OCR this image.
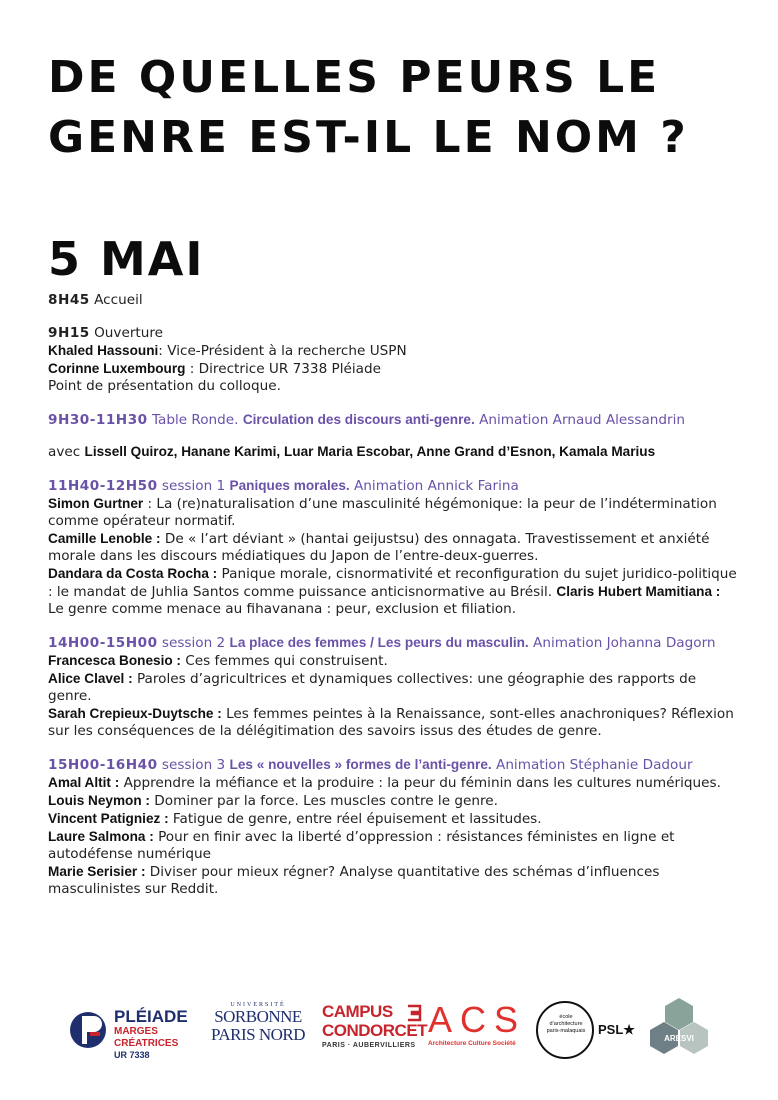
DE QUELLES PEURS LE GENRE EST-IL LE NOM ?
5 MAI
8H45 Accueil
9H15 Ouverture
Khaled Hassouni: Vice-Président à la recherche USPN
Corinne Luxembourg : Directrice UR 7338 Pléiade
Point de présentation du colloque.
9H30-11H30 Table Ronde. Circulation des discours anti-genre. Animation Arnaud Alessandrin
avec Lissell Quiroz, Hanane Karimi, Luar Maria Escobar, Anne Grand d’Esnon, Kamala Marius
11H40-12H50 session 1 Paniques morales. Animation Annick Farina
Simon Gurtner : La (re)naturalisation d’une masculinité hégémonique: la peur de l’indétermination comme opérateur normatif.
Camille Lenoble : De « l’art déviant » (hantai geijustsu) des onnagata. Travestissement et anxiété morale dans les discours médiatiques du Japon de l’entre-deux-guerres.
Dandara da Costa Rocha : Panique morale, cisnormativité et reconfiguration du sujet juridico-politique : le mandat de Juhlia Santos comme puissance anticisnormative au Brésil. Claris Hubert Mamitiana : Le genre comme menace au fihavanana : peur, exclusion et filiation.
14H00-15H00 session 2 La place des femmes / Les peurs du masculin. Animation Johanna Dagorn
Francesca Bonesio : Ces femmes qui construisent.
Alice Clavel : Paroles d’agricultrices et dynamiques collectives: une géographie des rapports de genre.
Sarah Crepieux-Duytsche : Les femmes peintes à la Renaissance, sont-elles anachroniques? Réflexion sur les conséquences de la délégitimation des savoirs issus des études de genre.
15H00-16H40 session 3 Les « nouvelles » formes de l’anti-genre. Animation Stéphanie Dadour
Amal Altit : Apprendre la méfiance et la produire : la peur du féminin dans les cultures numériques.
Louis Neymon : Dominer par la force. Les muscles contre le genre.
Vincent Patigniez : Fatigue de genre, entre réel épuisement et lassitudes.
Laure Salmona : Pour en finir avec la liberté d’oppression : résistances féministes en ligne et autodéfense numérique
Marie Serisier : Diviser pour mieux régner? Analyse quantitative des schémas d’influences masculinistes sur Reddit.
PLÉIADE
MARGES CRÉATRICES
UR 7338
UNIVERSITÉ
SORBONNE
PARIS NORD
CAMPUS
CONDORCET
PARIS · AUBERVILLIERS
ACS
Architecture Culture Société
école d’architecture paris-malaquais PSL★
ARESVI
